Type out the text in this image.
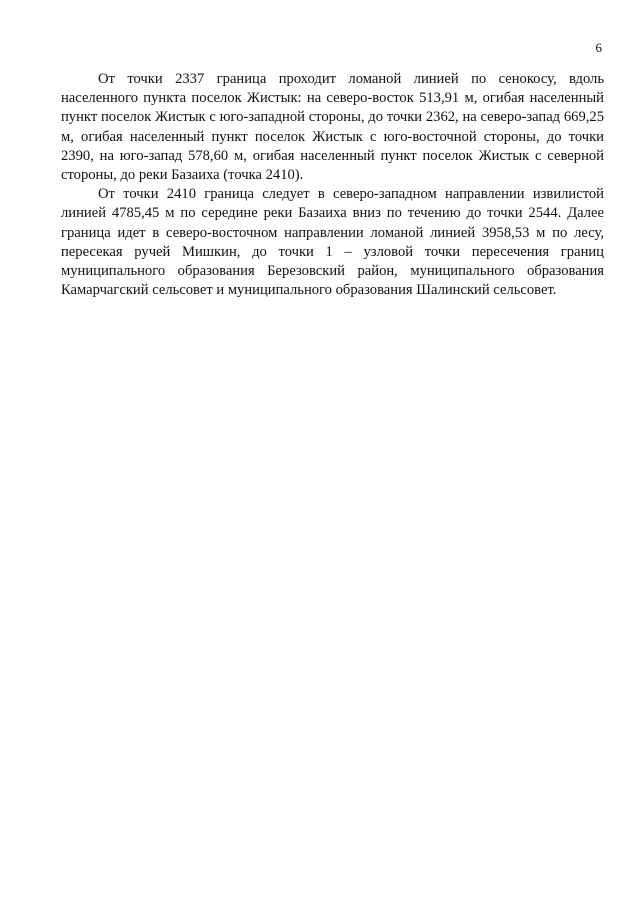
6

От точки 2337 граница проходит ломаной линией по сенокосу, вдоль населенного пункта поселок Жистык: на северо-восток 513,91 м, огибая населенный пункт поселок Жистык с юго-западной стороны, до точки 2362, на северо-запад 669,25 м, огибая населенный пункт поселок Жистык с юго-восточной стороны, до точки 2390, на юго-запад 578,60 м, огибая населенный пункт поселок Жистык с северной стороны, до реки Базаиха (точка 2410).

От точки 2410 граница следует в северо-западном направлении извилистой линией 4785,45 м по середине реки Базаиха вниз по течению до точки 2544. Далее граница идет в северо-восточном направлении ломаной линией 3958,53 м по лесу, пересекая ручей Мишкин, до точки 1 – узловой точки пересечения границ муниципального образования Березовский район, муниципального образования Камарчагский сельсовет и муниципального образования Шалинский сельсовет.
